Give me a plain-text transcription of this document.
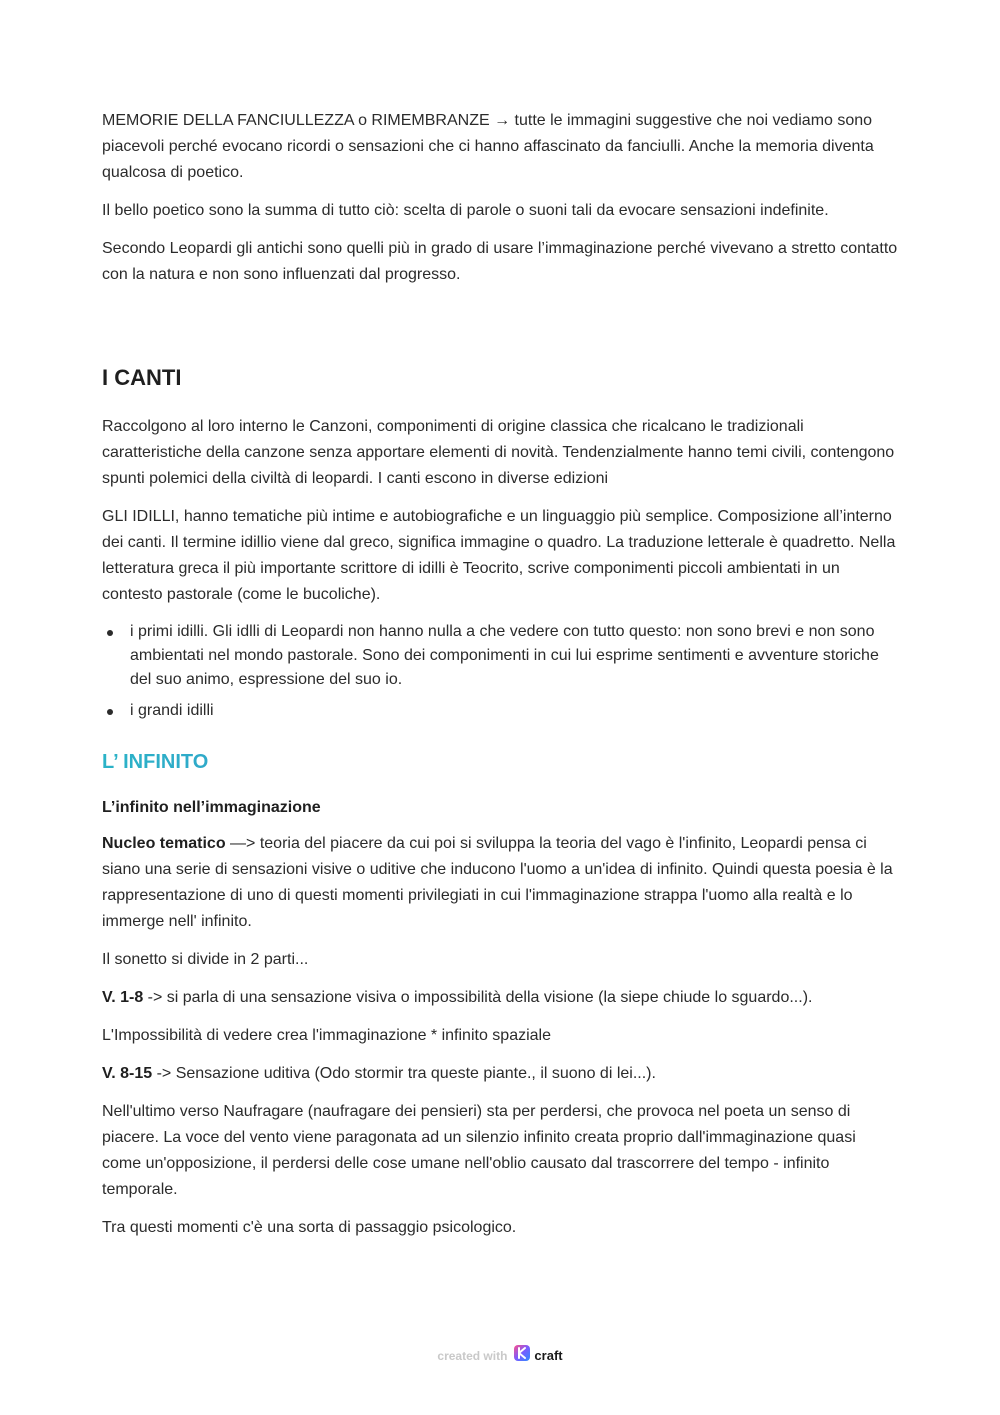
MEMORIE DELLA FANCIULLEZZA o RIMEMBRANZE → tutte le immagini suggestive che noi vediamo sono piacevoli perché evocano ricordi o sensazioni che ci hanno affascinato da fanciulli. Anche la memoria diventa qualcosa di poetico.

Il bello poetico sono la summa di tutto ciò: scelta di parole o suoni tali da evocare sensazioni indefinite.

Secondo Leopardi gli antichi sono quelli più in grado di usare l’immaginazione perché vivevano a stretto contatto con la natura e non sono influenzati dal progresso.

I CANTI

Raccolgono al loro interno le Canzoni, componimenti di origine classica che ricalcano le tradizionali caratteristiche della canzone senza apportare elementi di novità. Tendenzialmente hanno temi civili, contengono spunti polemici della civiltà di leopardi. I canti escono in diverse edizioni

GLI IDILLI, hanno tematiche più intime e autobiografiche e un linguaggio più semplice. Composizione all’interno dei canti. Il termine idillio viene dal greco, significa immagine o quadro. La traduzione letterale è quadretto. Nella letteratura greca il più importante scrittore di idilli è Teocrito, scrive componimenti piccoli ambientati in un contesto pastorale (come le bucoliche).

i primi idilli. Gli idlli di Leopardi non hanno nulla a che vedere con tutto questo: non sono brevi e non sono ambientati nel mondo pastorale. Sono dei componimenti in cui lui esprime sentimenti e avventure storiche del suo animo, espressione del suo io.
i grandi idilli
L’ INFINITO
L’infinito nell’immaginazione

Nucleo tematico —> teoria del piacere da cui poi si sviluppa la teoria del vago è l'infinito, Leopardi pensa ci siano una serie di sensazioni visive o uditive che inducono l'uomo a un'idea di infinito. Quindi questa poesia è la rappresentazione di uno di questi momenti privilegiati in cui l'immaginazione strappa l'uomo alla realtà e lo immerge nell' infinito.

Il sonetto si divide in 2 parti...

V. 1-8 -> si parla di una sensazione visiva o impossibilità della visione (la siepe chiude lo sguardo...).

L'Impossibilità di vedere crea l'immaginazione * infinito spaziale

V. 8-15 -> Sensazione uditiva (Odo stormir tra queste piante., il suono di lei...).

Nell'ultimo verso Naufragare (naufragare dei pensieri) sta per perdersi, che provoca nel poeta un senso di piacere. La voce del vento viene paragonata ad un silenzio infinito creata proprio dall'immaginazione quasi come un'opposizione, il perdersi delle cose umane nell'oblio causato dal trascorrere del tempo - infinito temporale.

Tra questi momenti c'è una sorta di passaggio psicologico.

created with craft
